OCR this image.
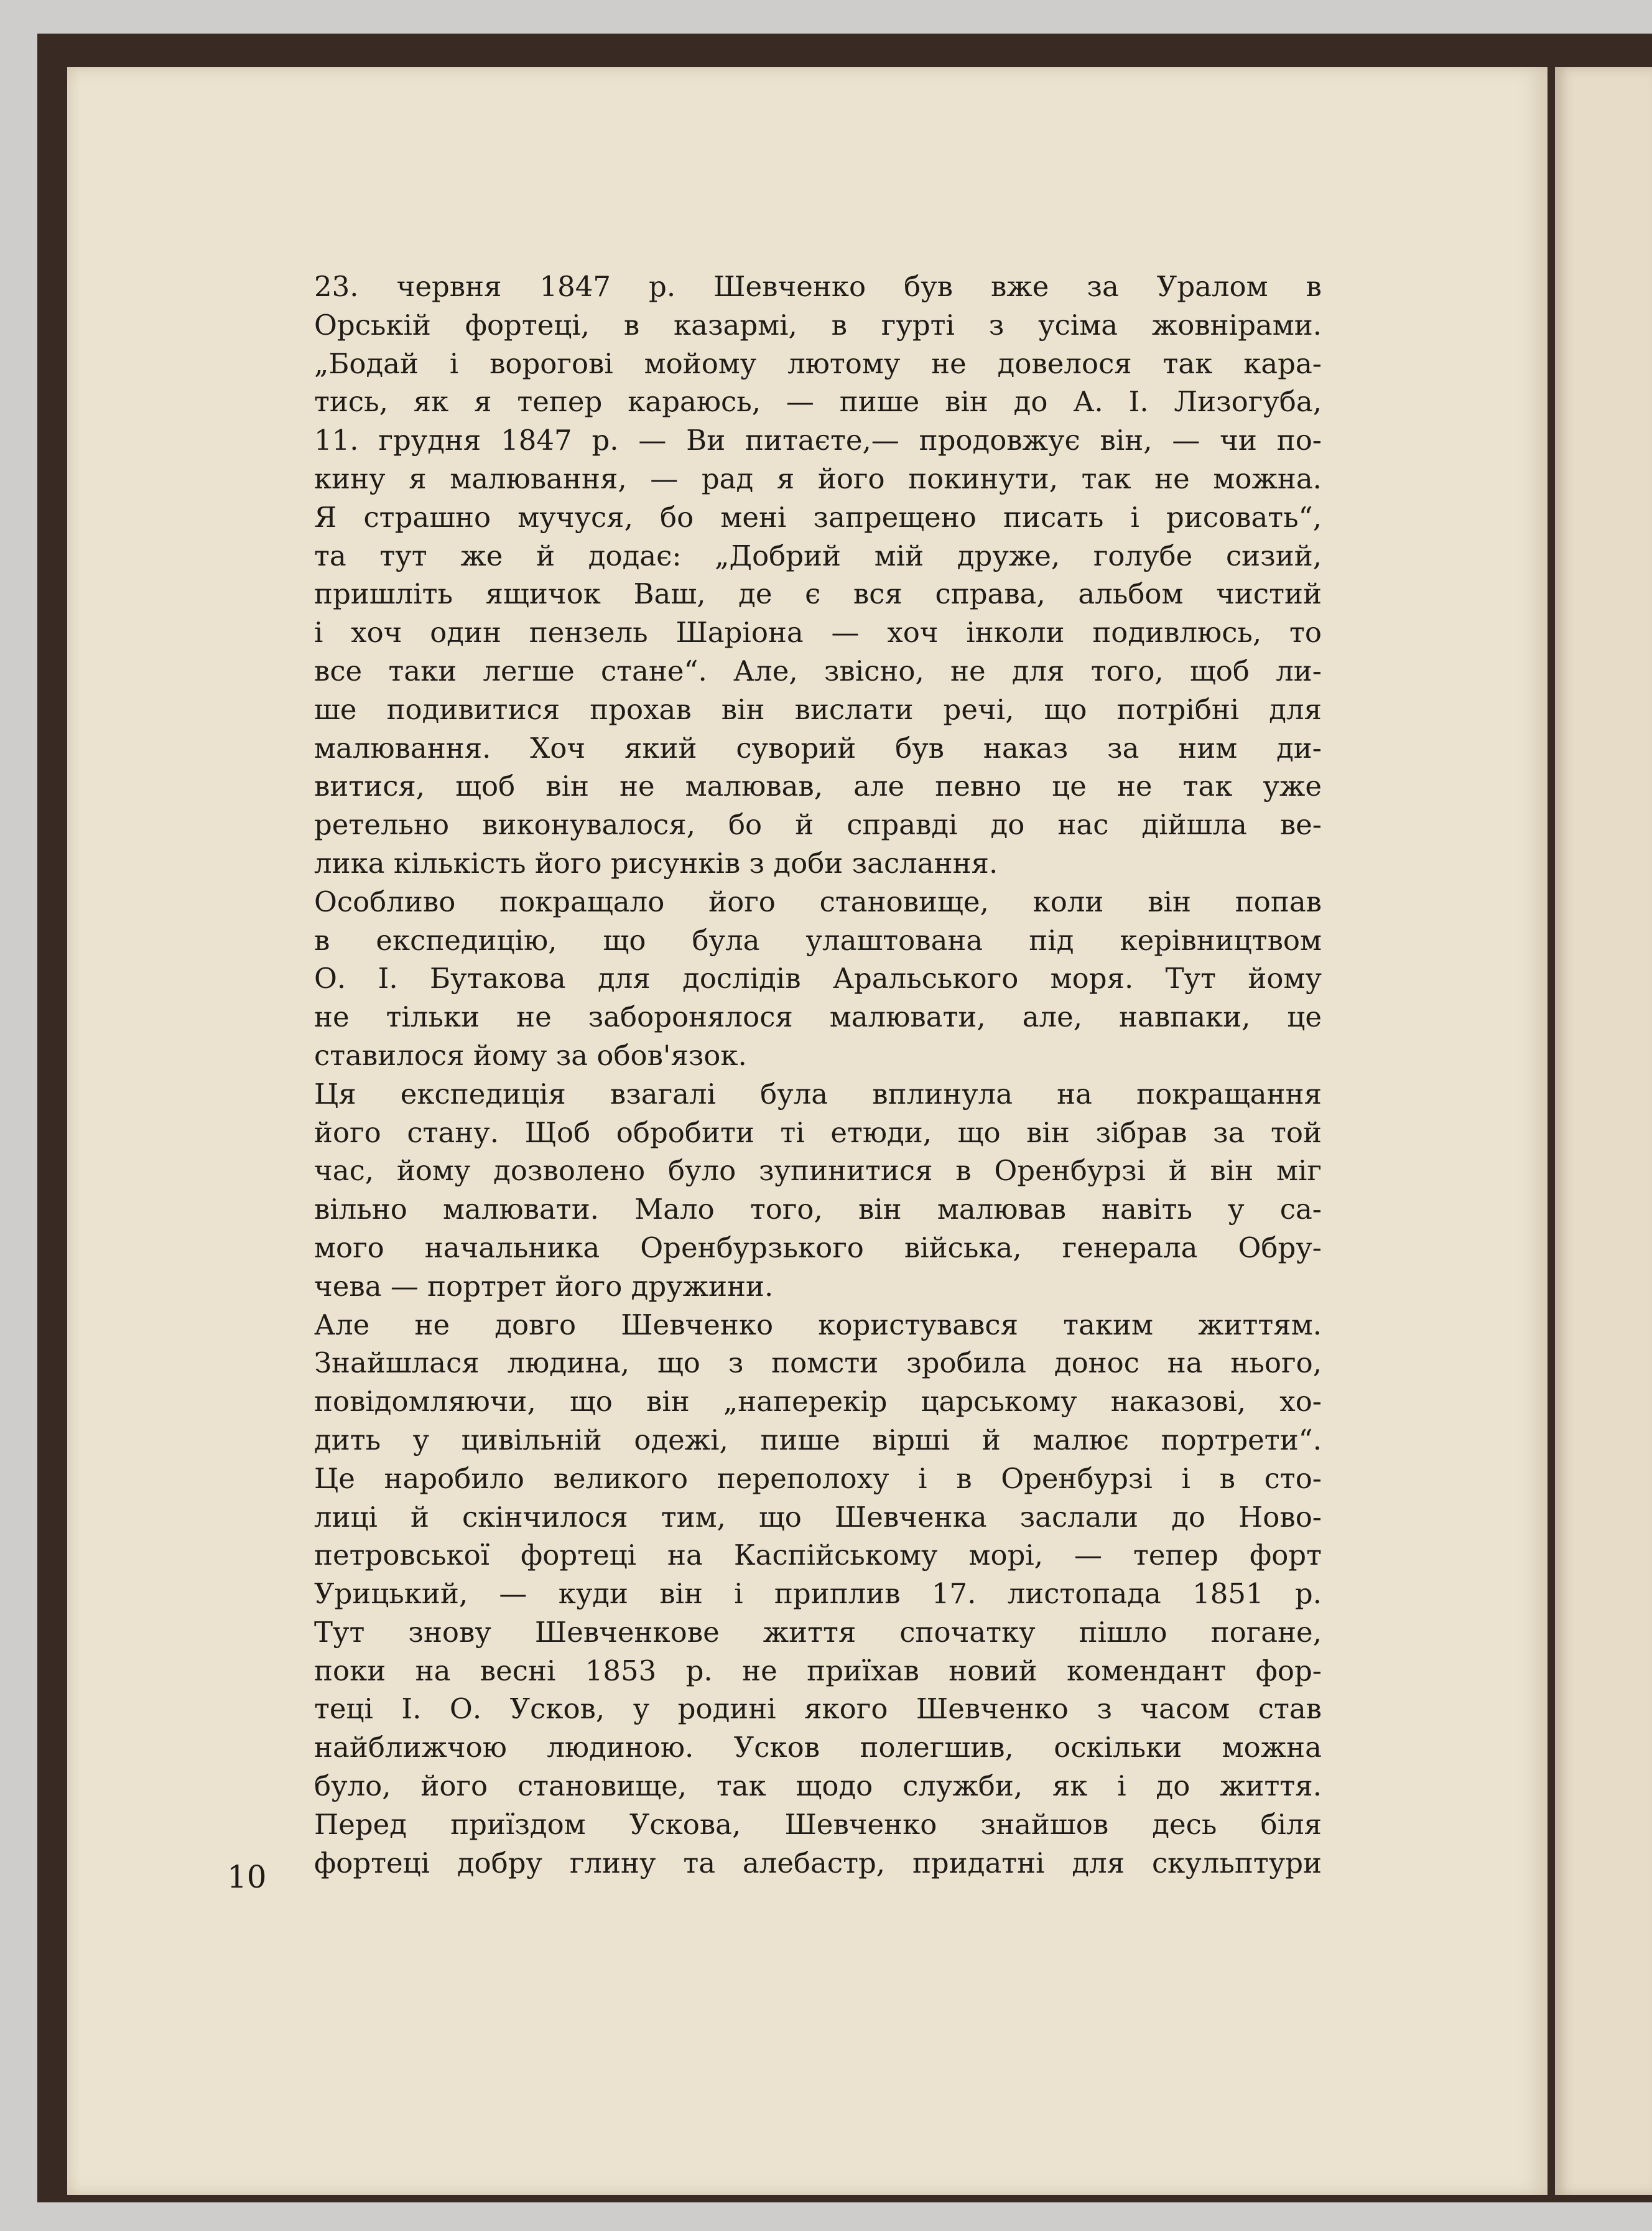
23. червня 1847 р. Шевченко був вже за Уралом в
Орській фортеці, в казармі, в гурті з усіма жовнірами.
„Бодай і ворогові мойому лютому не довелося так кара-
тись, як я тепер караюсь, — пише він до А. І. Лизогуба,
11. грудня 1847 р. — Ви питаєте,— продовжує він, — чи по-
кину я малювання, — рад я його покинути, так не можна.
Я страшно мучуся, бо мені запрещено писать і рисовать“,
та тут же й додає: „Добрий мій друже, голубе сизий,
пришліть ящичок Ваш, де є вся справа, альбом чистий
і хоч один пензель Шаріона — хоч інколи подивлюсь, то
все таки легше стане“. Але, звісно, не для того, щоб ли-
ше подивитися прохав він вислати речі, що потрібні для
малювання. Хоч який суворий був наказ за ним ди-
витися, щоб він не малював, але певно це не так уже
ретельно виконувалося, бо й справді до нас дійшла ве-
лика кількість його рисунків з доби заслання.
Особливо покращало його становище, коли він попав
в експедицію, що була улаштована під керівництвом
О. І. Бутакова для дослідів Аральського моря. Тут йому
не тільки не заборонялося малювати, але, навпаки, це
ставилося йому за обов'язок.
Ця експедиція взагалі була вплинула на покращання
його стану. Щоб обробити ті етюди, що він зібрав за той
час, йому дозволено було зупинитися в Оренбурзі й він міг
вільно малювати. Мало того, він малював навіть у са-
мого начальника Оренбурзького війська, генерала Обру-
чева — портрет його дружини.
Але не довго Шевченко користувався таким життям.
Знайшлася людина, що з помсти зробила донос на нього,
повідомляючи, що він „наперекір царському наказові, хо-
дить у цивільній одежі, пише вірші й малює портрети“.
Це наробило великого переполоху і в Оренбурзі і в сто-
лиці й скінчилося тим, що Шевченка заслали до Ново-
петровської фортеці на Каспійському морі, — тепер форт
Урицький, — куди він і приплив 17. листопада 1851 р.
Тут знову Шевченкове життя спочатку пішло погане,
поки на весні 1853 р. не приїхав новий комендант фор-
теці І. О. Усков, у родині якого Шевченко з часом став
найближчою людиною. Усков полегшив, оскільки можна
було, його становище, так щодо служби, як і до життя.
Перед приїздом Ускова, Шевченко знайшов десь біля
фортеці добру глину та алебастр, придатні для скульптури
10
